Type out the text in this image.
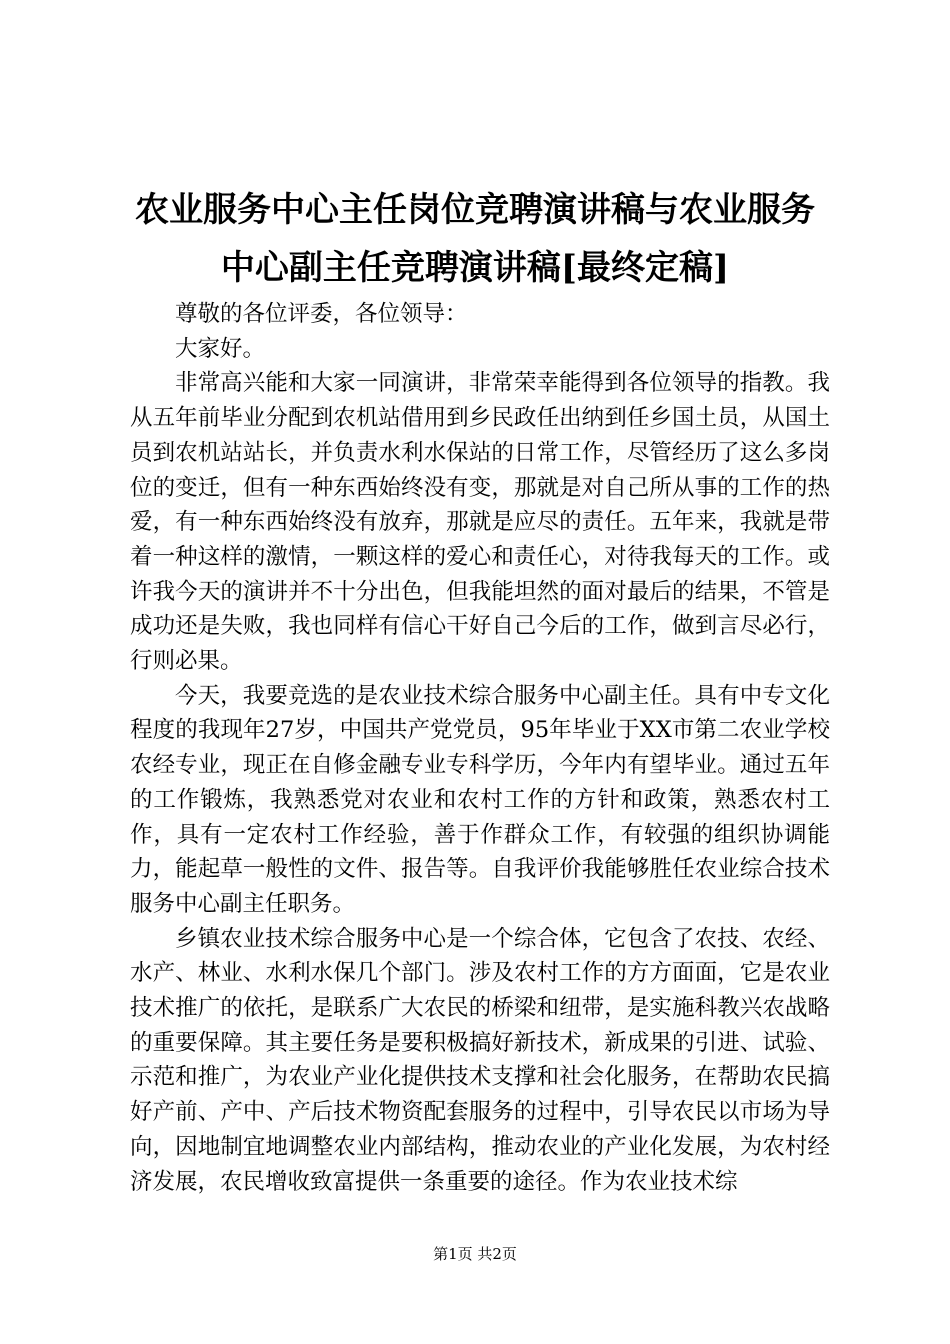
农业服务中心主任岗位竞聘演讲稿与农业服务
中心副主任竞聘演讲稿[最终定稿]

尊敬的各位评委，各位领导：

大家好。

非常高兴能和大家一同演讲，非常荣幸能得到各位领导的指教。我从五年前毕业分配到农机站借用到乡民政任出纳到任乡国土员，从国土员到农机站站长，并负责水利水保站的日常工作，尽管经历了这么多岗位的变迁，但有一种东西始终没有变，那就是对自己所从事的工作的热爱，有一种东西始终没有放弃，那就是应尽的责任。五年来，我就是带着一种这样的激情，一颗这样的爱心和责任心，对待我每天的工作。或许我今天的演讲并不十分出色，但我能坦然的面对最后的结果，不管是成功还是失败，我也同样有信心干好自己今后的工作，做到言尽必行，行则必果。

今天，我要竞选的是农业技术综合服务中心副主任。具有中专文化程度的我现年27岁，中国共产党党员，95年毕业于XX市第二农业学校农经专业，现正在自修金融专业专科学历，今年内有望毕业。通过五年的工作锻炼，我熟悉党对农业和农村工作的方针和政策，熟悉农村工作，具有一定农村工作经验，善于作群众工作，有较强的组织协调能力，能起草一般性的文件、报告等。自我评价我能够胜任农业综合技术服务中心副主任职务。

乡镇农业技术综合服务中心是一个综合体，它包含了农技、农经、水产、林业、水利水保几个部门。涉及农村工作的方方面面，它是农业技术推广的依托，是联系广大农民的桥梁和纽带，是实施科教兴农战略的重要保障。其主要任务是要积极搞好新技术，新成果的引进、试验、示范和推广，为农业产业化提供技术支撑和社会化服务，在帮助农民搞好产前、产中、产后技术物资配套服务的过程中，引导农民以市场为导向，因地制宜地调整农业内部结构，推动农业的产业化发展，为农村经济发展，农民增收致富提供一条重要的途径。作为农业技术综

第1页 共2页
